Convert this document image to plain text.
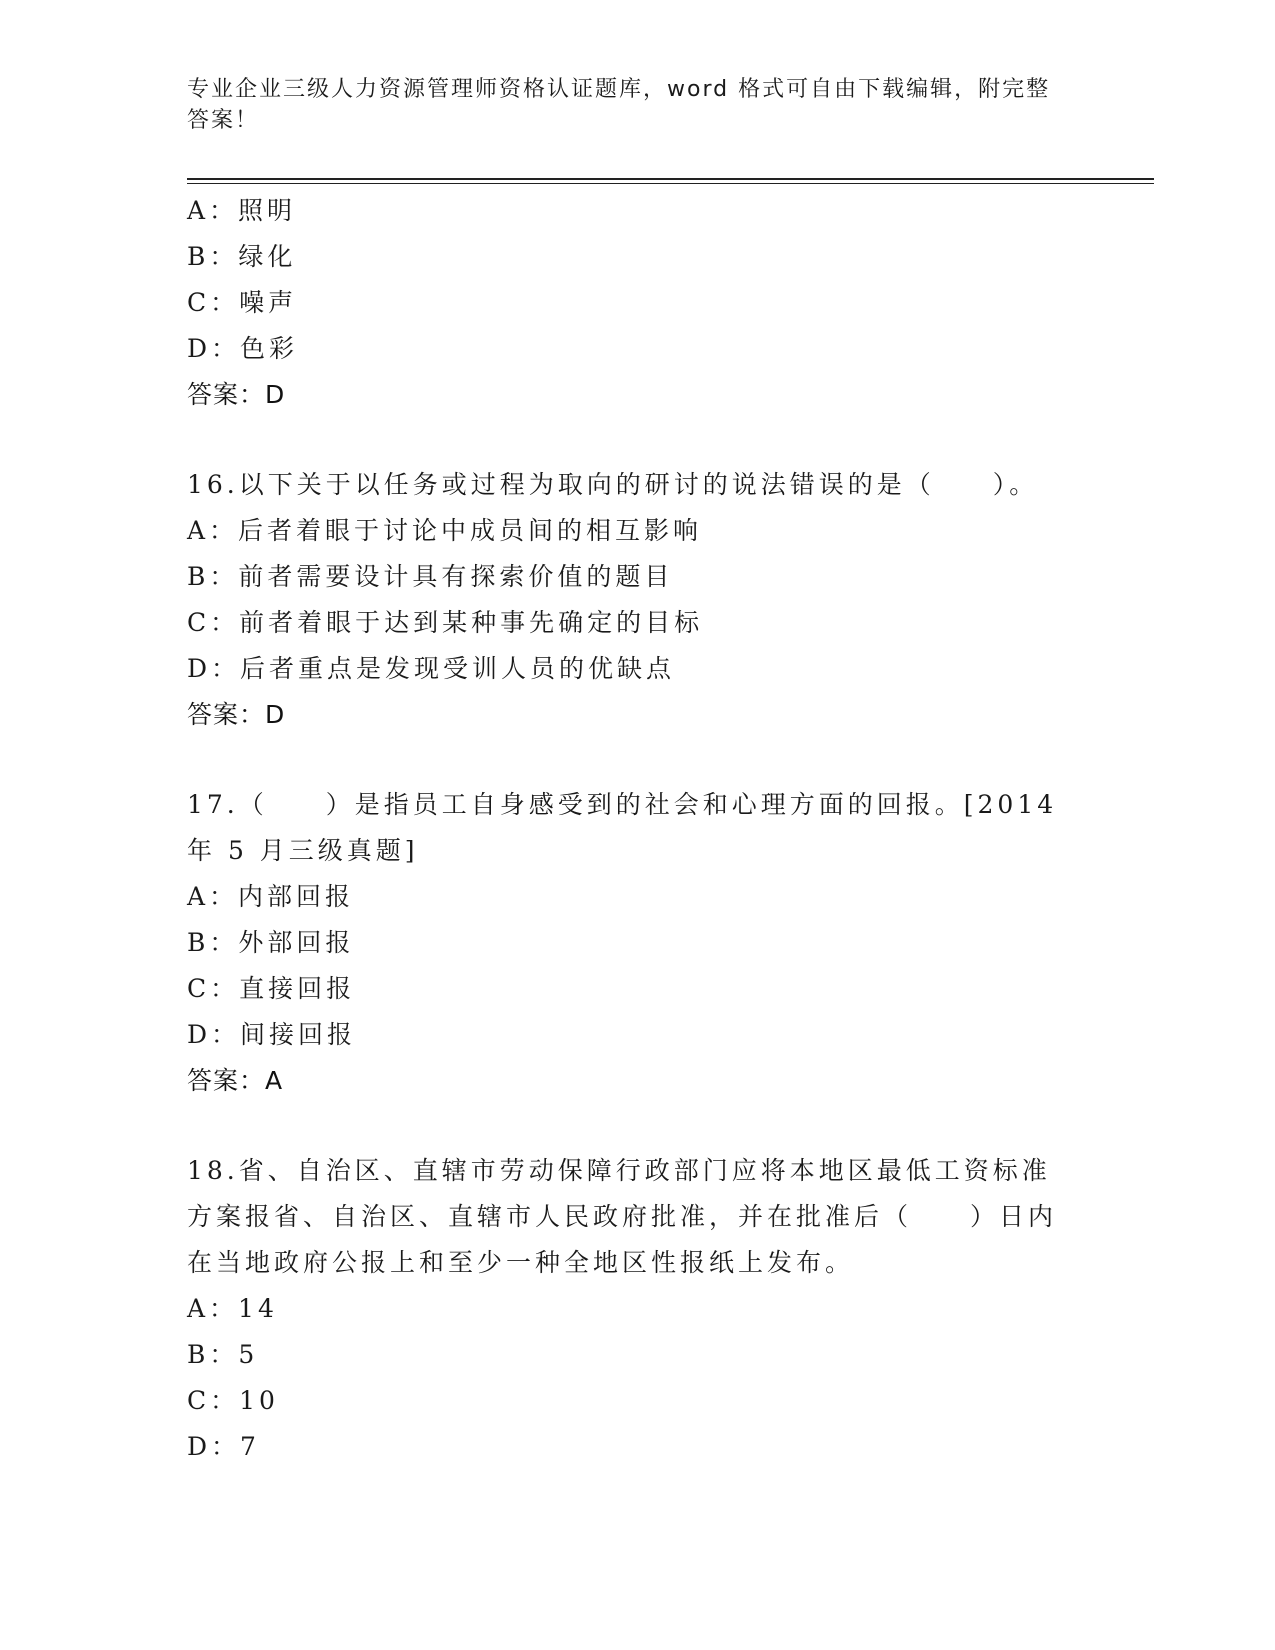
专业企业三级人力资源管理师资格认证题库，word 格式可自由下载编辑，附完整答案！
A：照明
B：绿化
C：噪声
D：色彩
答案：D
16.以下关于以任务或过程为取向的研讨的说法错误的是（　　）。
A：后者着眼于讨论中成员间的相互影响
B：前者需要设计具有探索价值的题目
C：前者着眼于达到某种事先确定的目标
D：后者重点是发现受训人员的优缺点
答案：D
17.（　　）是指员工自身感受到的社会和心理方面的回报。[2014 年 5 月三级真题]
A：内部回报
B：外部回报
C：直接回报
D：间接回报
答案：A
18.省、自治区、直辖市劳动保障行政部门应将本地区最低工资标准方案报省、自治区、直辖市人民政府批准，并在批准后（　　）日内在当地政府公报上和至少一种全地区性报纸上发布。
A：14
B：5
C：10
D：7
